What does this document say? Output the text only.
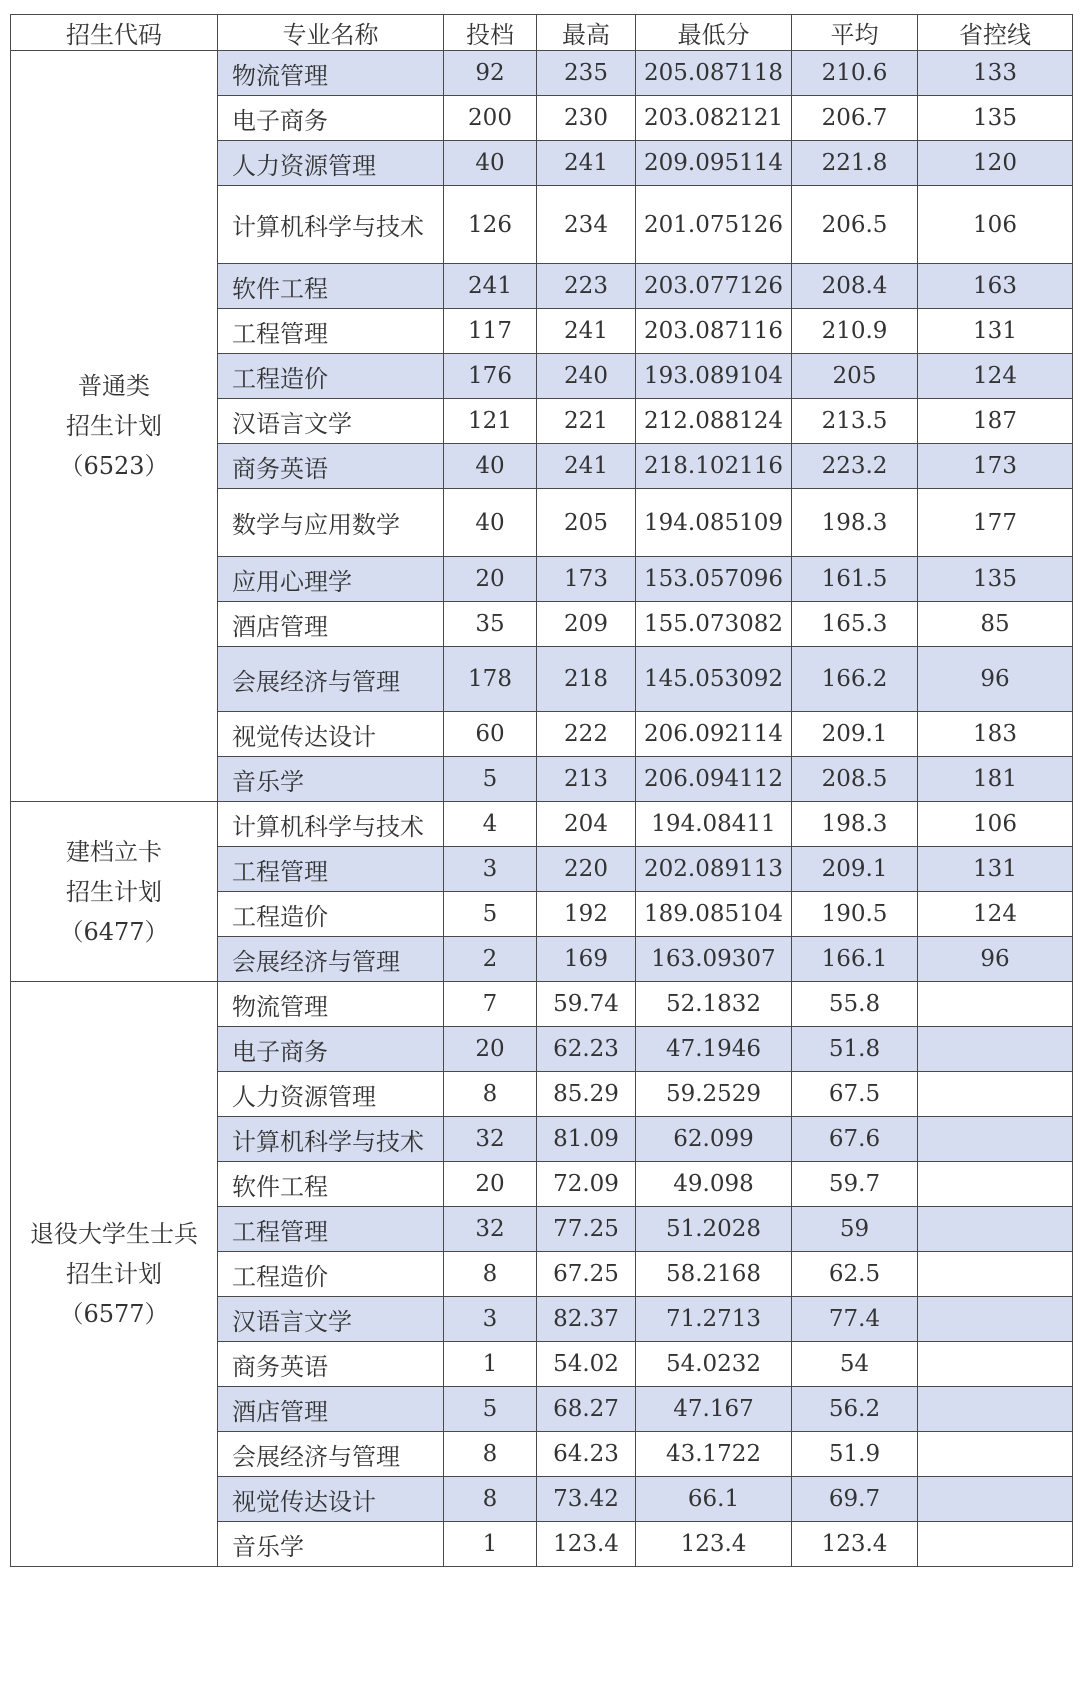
招生代码	专业名称	投档	最高	最低分	平均	省控线

普通类
招生计划
（6523）	物流管理	92	235	205.087118	210.6	133
	电子商务	200	230	203.082121	206.7	135
	人力资源管理	40	241	209.095114	221.8	120
	计算机科学与技术	126	234	201.075126	206.5	106
	软件工程	241	223	203.077126	208.4	163
	工程管理	117	241	203.087116	210.9	131
	工程造价	176	240	193.089104	205	124
	汉语言文学	121	221	212.088124	213.5	187
	商务英语	40	241	218.102116	223.2	173
	数学与应用数学	40	205	194.085109	198.3	177
	应用心理学	20	173	153.057096	161.5	135
	酒店管理	35	209	155.073082	165.3	85
	会展经济与管理	178	218	145.053092	166.2	96
	视觉传达设计	60	222	206.092114	209.1	183
	音乐学	5	213	206.094112	208.5	181

建档立卡
招生计划
（6477）	计算机科学与技术	4	204	194.08411	198.3	106
	工程管理	3	220	202.089113	209.1	131
	工程造价	5	192	189.085104	190.5	124
	会展经济与管理	2	169	163.09307	166.1	96

退役大学生士兵
招生计划
（6577）	物流管理	7	59.74	52.1832	55.8	
	电子商务	20	62.23	47.1946	51.8	
	人力资源管理	8	85.29	59.2529	67.5	
	计算机科学与技术	32	81.09	62.099	67.6	
	软件工程	20	72.09	49.098	59.7	
	工程管理	32	77.25	51.2028	59	
	工程造价	8	67.25	58.2168	62.5	
	汉语言文学	3	82.37	71.2713	77.4	
	商务英语	1	54.02	54.0232	54	
	酒店管理	5	68.27	47.167	56.2	
	会展经济与管理	8	64.23	43.1722	51.9	
	视觉传达设计	8	73.42	66.1	69.7	
	音乐学	1	123.4	123.4	123.4	
